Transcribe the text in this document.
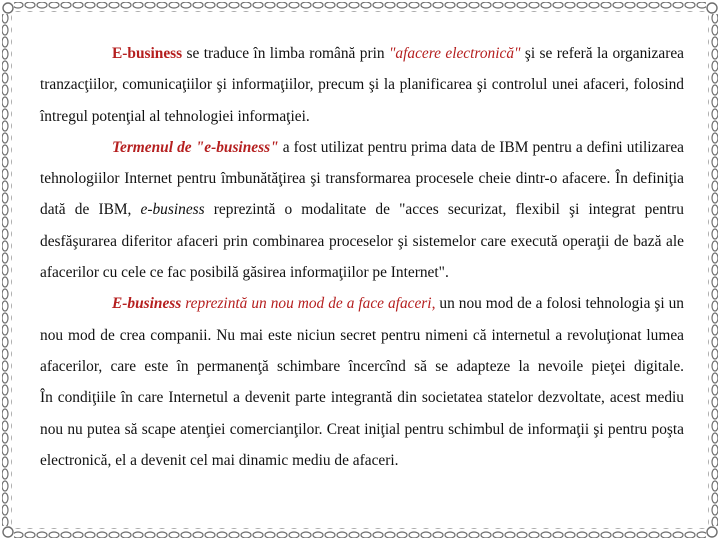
E-business se traduce în limba română prin "afacere electronică" şi se referă la organizarea tranzacţiilor, comunicaţiilor şi informaţiilor, precum şi la planificarea şi controlul unei afaceri, folosind întregul potenţial al tehnologiei informaţiei.

Termenul de "e-business" a fost utilizat pentru prima data de IBM pentru a defini utilizarea tehnologiilor Internet pentru îmbunătăţirea şi transformarea procesele cheie dintr-o afacere. În definiţia dată de IBM, e-business reprezintă o modalitate de "acces securizat, flexibil şi integrat pentru desfăşurarea diferitor afaceri prin combinarea proceselor şi sistemelor care execută operaţii de bază ale afacerilor cu cele ce fac posibilă găsirea informaţiilor pe Internet".

E-business reprezintă un nou mod de a face afaceri, un nou mod de a folosi tehnologia şi un nou mod de crea companii. Nu mai este niciun secret pentru nimeni că internetul a revoluţionat lumea afacerilor, care este în permanenţă schimbare încercînd să se adapteze la nevoile pieţei digitale.

În condiţiile în care Internetul a devenit parte integrantă din societatea statelor dezvoltate, acest mediu nou nu putea să scape atenţiei comercianţilor. Creat iniţial pentru schimbul de informaţii şi pentru poşta electronică, el a devenit cel mai dinamic mediu de afaceri.
